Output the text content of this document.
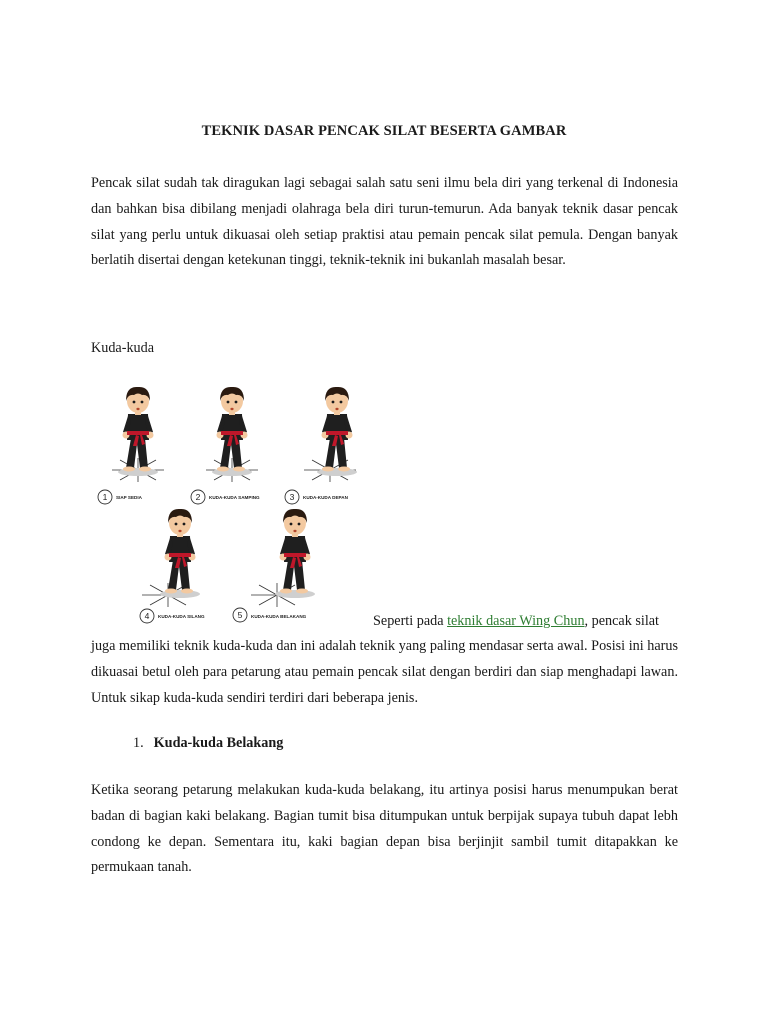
TEKNIK DASAR PENCAK SILAT BESERTA GAMBAR
Pencak silat sudah tak diragukan lagi sebagai salah satu seni ilmu bela diri yang terkenal di Indonesia dan bahkan bisa dibilang menjadi olahraga bela diri turun-temurun. Ada banyak teknik dasar pencak silat yang perlu untuk dikuasai oleh setiap praktisi atau pemain pencak silat pemula. Dengan banyak berlatih disertai dengan ketekunan tinggi, teknik-teknik ini bukanlah masalah besar.
Kuda-kuda
1 SIAP SEDIA	2 KUDA-KUDA SAMPING	3 KUDA-KUDA DEPAN
4 KUDA-KUDA SILANG	5 KUDA-KUDA BELAKANG	Seperti pada teknik dasar Wing Chun, pencak silat
juga memiliki teknik kuda-kuda dan ini adalah teknik yang paling mendasar serta awal. Posisi ini harus dikuasai betul oleh para petarung atau pemain pencak silat dengan berdiri dan siap menghadapi lawan. Untuk sikap kuda-kuda sendiri terdiri dari beberapa jenis.
1. Kuda-kuda Belakang
Ketika seorang petarung melakukan kuda-kuda belakang, itu artinya posisi harus menumpukan berat badan di bagian kaki belakang. Bagian tumit bisa ditumpukan untuk berpijak supaya tubuh dapat lebh condong ke depan. Sementara itu, kaki bagian depan bisa berjinjit sambil tumit ditapakkan ke permukaan tanah.
